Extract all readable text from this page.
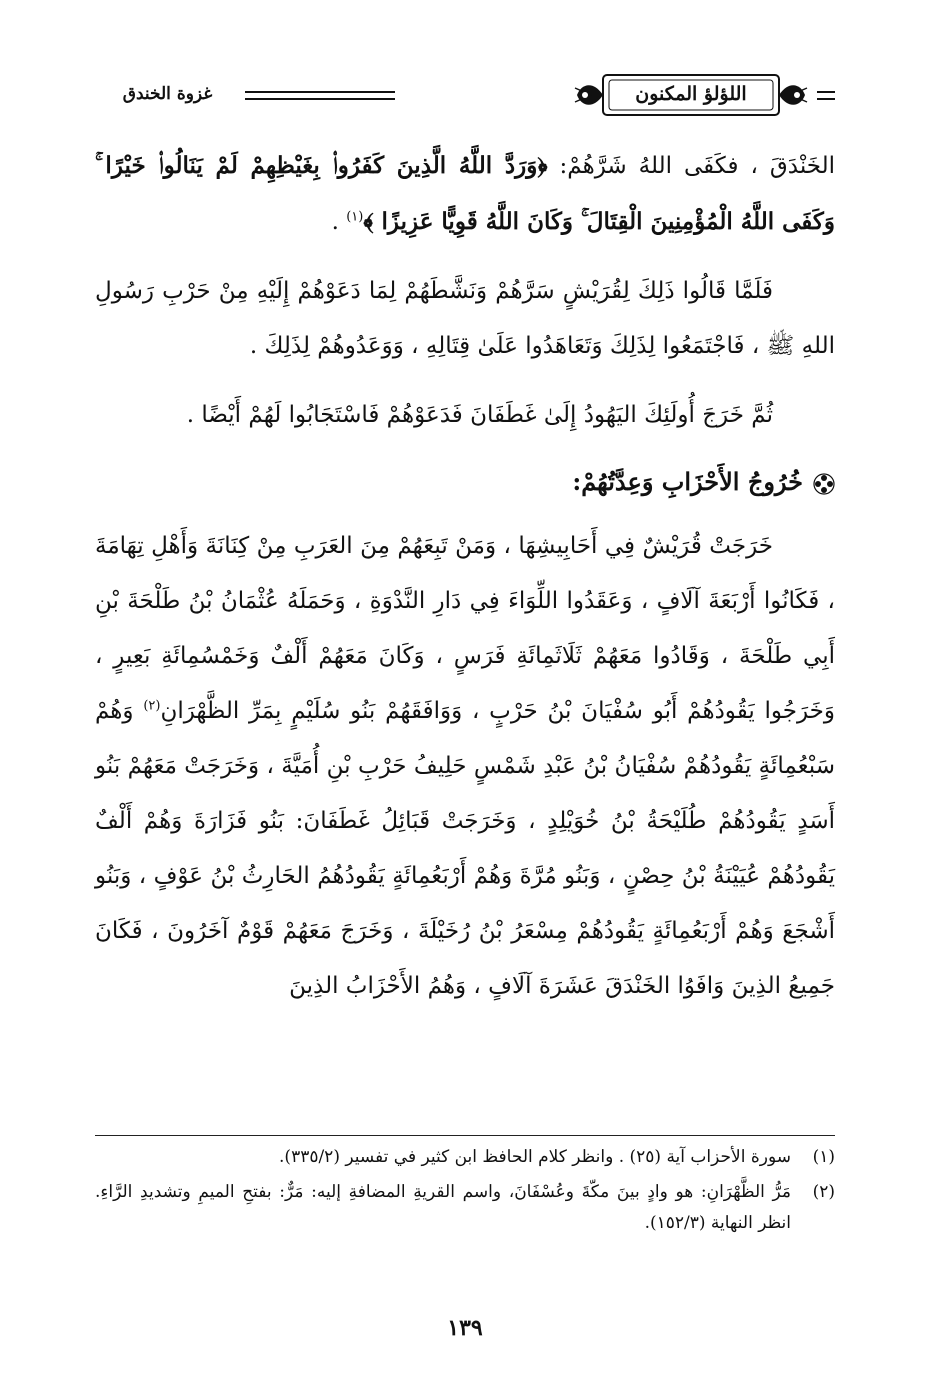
اللؤلؤ المكنون
غزوة الخندق

الخَنْدَقَ ، فكَفَى اللهُ شَرَّهُمْ: ﴿وَرَدَّ اللَّهُ الَّذِينَ كَفَرُوا۟ بِغَيْظِهِمْ لَمْ يَنَالُوا۟ خَيْرًا ۚ وَكَفَى اللَّهُ الْمُؤْمِنِينَ الْقِتَالَ ۚ وَكَانَ اللَّهُ قَوِيًّا عَزِيزًا ﴾$^{(١)}$ .

فَلَمَّا قَالُوا ذَلِكَ لِقُرَيْشٍ سَرَّهُمْ وَنَشَّطَهُمْ لِمَا دَعَوْهُمْ إِلَيْهِ مِنْ حَرْبِ رَسُولِ اللهِ ﷺ ، فَاجْتَمَعُوا لِذَلِكَ وَتَعَاهَدُوا عَلَىٰ قِتَالِهِ ، وَوَعَدُوهُمْ لِذَلِكَ .

ثُمَّ خَرَجَ أُولَئِكَ اليَهُودُ إِلَىٰ غَطَفَانَ فَدَعَوْهُمْ فَاسْتَجَابُوا لَهُمْ أَيْضًا .

خُرُوجُ الأَحْزَابِ وَعِدَّتُهُمْ:

خَرَجَتْ قُرَيْشٌ فِي أَحَابِيشِهَا ، وَمَنْ تَبِعَهُمْ مِنَ العَرَبِ مِنْ كِنَانَةَ وَأَهْلِ تِهَامَةَ ، فَكَانُوا أَرْبَعَةَ آلَافٍ ، وَعَقَدُوا اللِّوَاءَ فِي دَارِ النَّدْوَةِ ، وَحَمَلَهُ عُثْمَانُ بْنُ طَلْحَةَ بْنِ أَبِي طَلْحَةَ ، وَقَادُوا مَعَهُمْ ثَلَاثَمِائَةِ فَرَسٍ ، وَكَانَ مَعَهُمْ أَلْفٌ وَخَمْسُمِائَةِ بَعِيرٍ ، وَخَرَجُوا يَقُودُهُمْ أَبُو سُفْيَانَ بْنُ حَرْبٍ ، وَوَافَقَهُمْ بَنُو سُلَيْمٍ بِمَرِّ الظَّهْرَانِ$^{(٢)}$ وَهُمْ سَبْعُمِائَةٍ يَقُودُهُمْ سُفْيَانُ بْنُ عَبْدِ شَمْسٍ حَلِيفُ حَرْبِ بْنِ أُمَيَّةَ ، وَخَرَجَتْ مَعَهُمْ بَنُو أَسَدٍ يَقُودُهُمْ طُلَيْحَةُ بْنُ خُوَيْلِدٍ ، وَخَرَجَتْ قَبَائِلُ غَطَفَانَ: بَنُو فَزَارَةَ وَهُمْ أَلْفٌ يَقُودُهُمْ عُيَيْنَةُ بْنُ حِصْنٍ ، وَبَنُو مُرَّةَ وَهُمْ أَرْبَعُمِائَةٍ يَقُودُهُمُ الحَارِثُ بْنُ عَوْفٍ ، وَبَنُو أَشْجَعَ وَهُمْ أَرْبَعُمِائَةٍ يَقُودُهُمْ مِسْعَرُ بْنُ رُخَيْلَةَ ، وَخَرَجَ مَعَهُمْ قَوْمٌ آخَرُونَ ، فَكَانَ جَمِيعُ الذِينَ وَافَوُا الخَنْدَقَ عَشَرَةَ آلَافٍ ، وَهُمُ الأَحْزَابُ الذِينَ

(١)
سورة الأحزاب آية (٢٥) . وانظر كلام الحافظ ابن كثير في تفسير (٣٣٥/٢).
(٢)
مَرُّ الظَّهْرَانِ: هو وادٍ بينَ مكّةَ وعُسْفَانَ، واسم القريةِ المضافةِ إليه: مَرٌّ: بفتحِ الميمِ وتشديدِ الرَّاءِ. انظر النهاية (١٥٢/٣).
١٣٩
